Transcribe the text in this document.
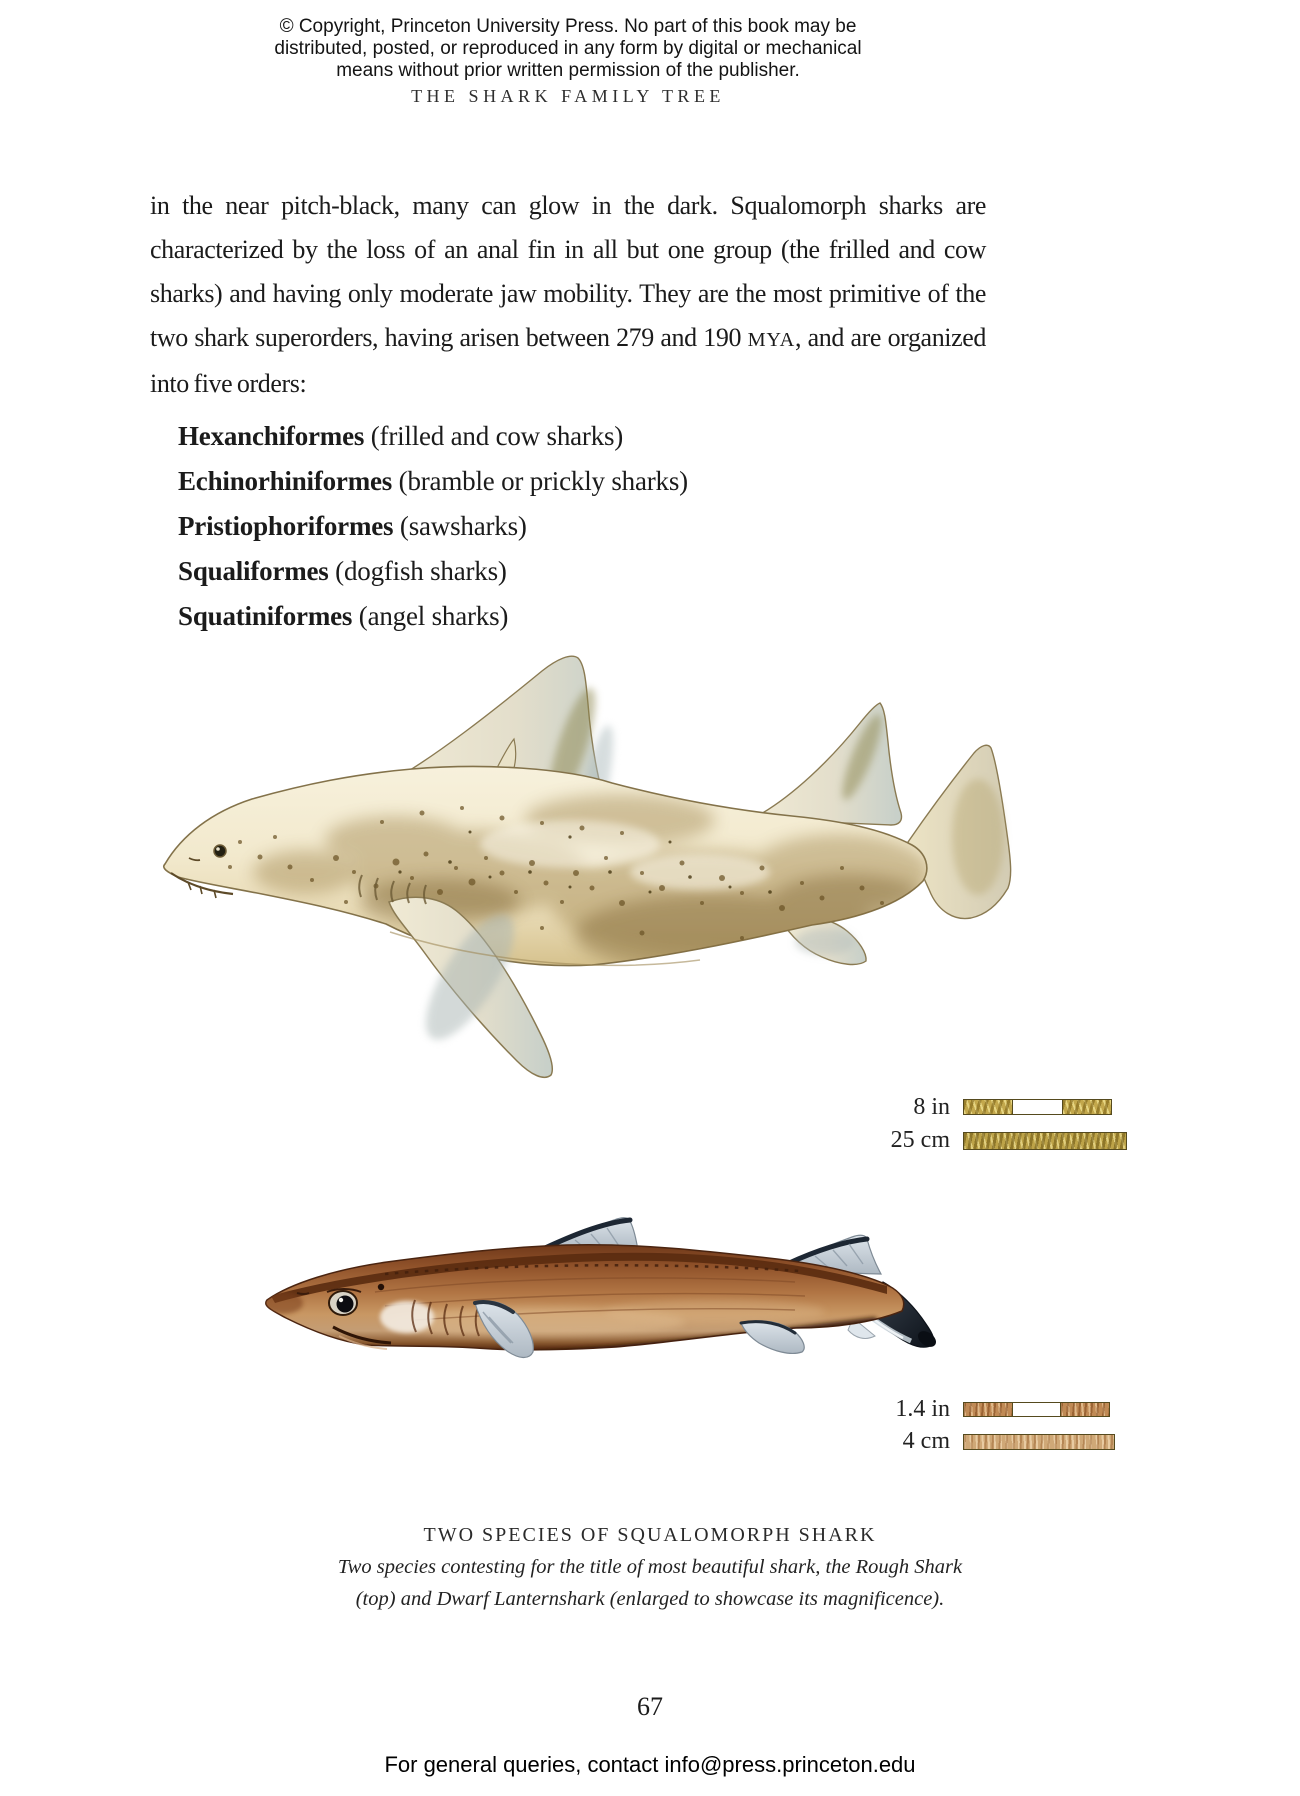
© Copyright, Princeton University Press. No part of this book may be
distributed, posted, or reproduced in any form by digital or mechanical
means without prior written permission of the publisher.
THE SHARK FAMILY TREE
in the near pitch-black, many can glow in the dark. Squalomorph sharks are characterized by the loss of an anal fin in all but one group (the frilled and cow sharks) and having only moderate jaw mobility. They are the most primitive of the two shark superorders, having arisen between 279 and 190 MYA, and are organized into five orders:
Hexanchiformes (frilled and cow sharks)
Echinorhiniformes (bramble or prickly sharks)
Pristiophoriformes (sawsharks)
Squaliformes (dogfish sharks)
Squatiniformes (angel sharks)
8 in
25 cm
1.4 in
4 cm
TWO SPECIES OF SQUALOMORPH SHARK
Two species contesting for the title of most beautiful shark, the Rough Shark
(top) and Dwarf Lanternshark (enlarged to showcase its magnificence).
67
For general queries, contact info@press.princeton.edu
